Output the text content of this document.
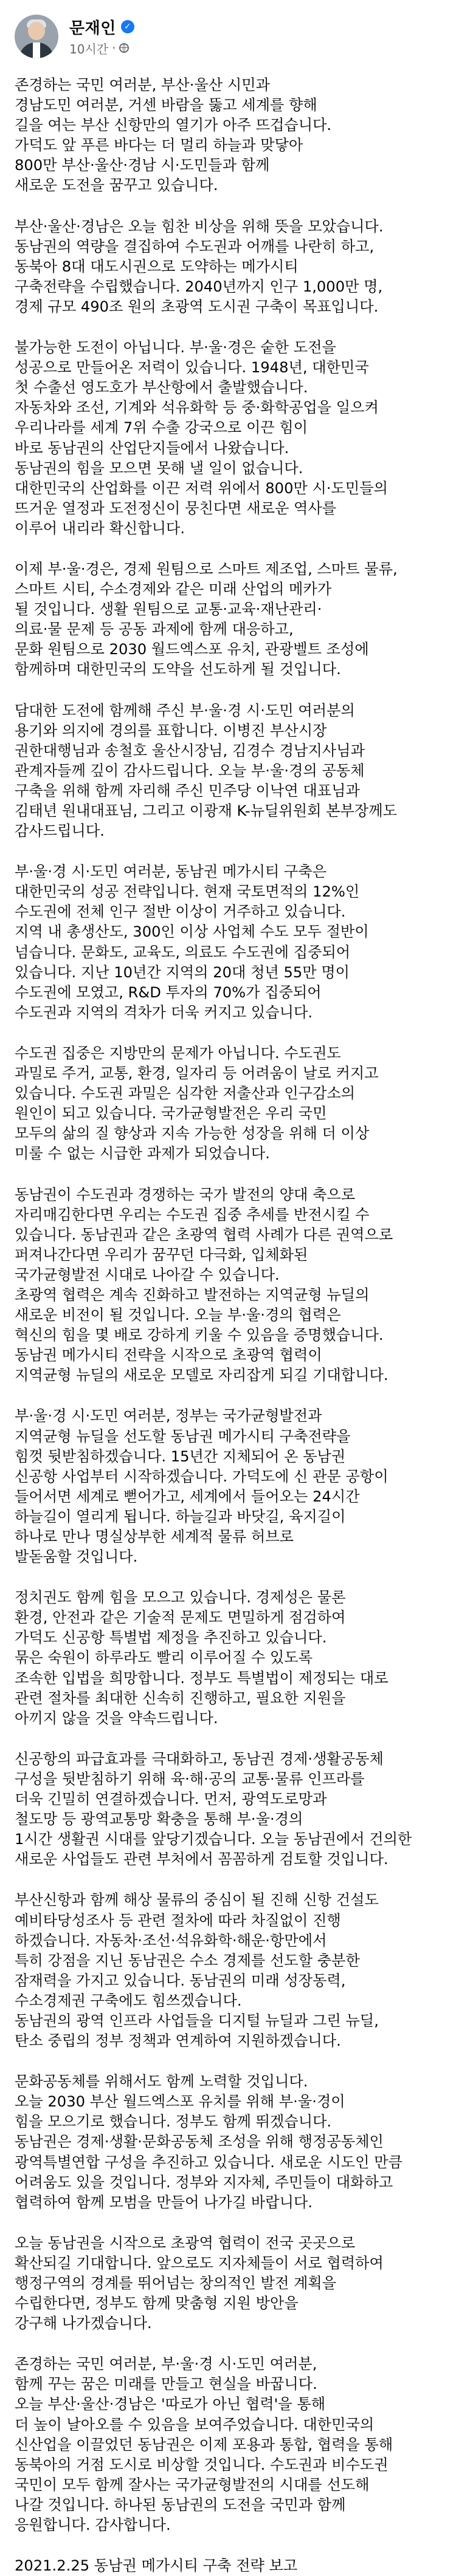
문재인 ✓
10시간 ·
존경하는 국민 여러분, 부산·울산 시민과
경남도민 여러분, 거센 바람을 뚫고 세계를 향해
길을 여는 부산 신항만의 열기가 아주 뜨겁습니다.
가덕도 앞 푸른 바다는 더 멀리 하늘과 맞닿아
800만 부산·울산·경남 시·도민들과 함께
새로운 도전을 꿈꾸고 있습니다.
부산·울산·경남은 오늘 힘찬 비상을 위해 뜻을 모았습니다.
동남권의 역량을 결집하여 수도권과 어깨를 나란히 하고,
동북아 8대 대도시권으로 도약하는 메가시티
구축전략을 수립했습니다. 2040년까지 인구 1,000만 명,
경제 규모 490조 원의 초광역 도시권 구축이 목표입니다.
불가능한 도전이 아닙니다. 부·울·경은 숱한 도전을
성공으로 만들어온 저력이 있습니다. 1948년, 대한민국
첫 수출선 영도호가 부산항에서 출발했습니다.
자동차와 조선, 기계와 석유화학 등 중·화학공업을 일으켜
우리나라를 세계 7위 수출 강국으로 이끈 힘이
바로 동남권의 산업단지들에서 나왔습니다.
동남권의 힘을 모으면 못해 낼 일이 없습니다.
대한민국의 산업화를 이끈 저력 위에서 800만 시·도민들의
뜨거운 열정과 도전정신이 뭉친다면 새로운 역사를
이루어 내리라 확신합니다.
이제 부·울·경은, 경제 원팀으로 스마트 제조업, 스마트 물류,
스마트 시티, 수소경제와 같은 미래 산업의 메카가
될 것입니다. 생활 원팀으로 교통·교육·재난관리·
의료·물 문제 등 공동 과제에 함께 대응하고,
문화 원팀으로 2030 월드엑스포 유치, 관광벨트 조성에
함께하며 대한민국의 도약을 선도하게 될 것입니다.
담대한 도전에 함께해 주신 부·울·경 시·도민 여러분의
용기와 의지에 경의를 표합니다. 이병진 부산시장
권한대행님과 송철호 울산시장님, 김경수 경남지사님과
관계자들께 깊이 감사드립니다. 오늘 부·울·경의 공동체
구축을 위해 함께 자리해 주신 민주당 이낙연 대표님과
김태년 원내대표님, 그리고 이광재 K-뉴딜위원회 본부장께도
감사드립니다.
부·울·경 시·도민 여러분, 동남권 메가시티 구축은
대한민국의 성공 전략입니다. 현재 국토면적의 12%인
수도권에 전체 인구 절반 이상이 거주하고 있습니다.
지역 내 총생산도, 300인 이상 사업체 수도 모두 절반이
넘습니다. 문화도, 교육도, 의료도 수도권에 집중되어
있습니다. 지난 10년간 지역의 20대 청년 55만 명이
수도권에 모였고, R&D 투자의 70%가 집중되어
수도권과 지역의 격차가 더욱 커지고 있습니다.
수도권 집중은 지방만의 문제가 아닙니다. 수도권도
과밀로 주거, 교통, 환경, 일자리 등 어려움이 날로 커지고
있습니다. 수도권 과밀은 심각한 저출산과 인구감소의
원인이 되고 있습니다. 국가균형발전은 우리 국민
모두의 삶의 질 향상과 지속 가능한 성장을 위해 더 이상
미룰 수 없는 시급한 과제가 되었습니다.
동남권이 수도권과 경쟁하는 국가 발전의 양대 축으로
자리매김한다면 우리는 수도권 집중 추세를 반전시킬 수
있습니다. 동남권과 같은 초광역 협력 사례가 다른 권역으로
퍼져나간다면 우리가 꿈꾸던 다극화, 입체화된
국가균형발전 시대로 나아갈 수 있습니다.
초광역 협력은 계속 진화하고 발전하는 지역균형 뉴딜의
새로운 비전이 될 것입니다. 오늘 부·울·경의 협력은
혁신의 힘을 몇 배로 강하게 키울 수 있음을 증명했습니다.
동남권 메가시티 전략을 시작으로 초광역 협력이
지역균형 뉴딜의 새로운 모델로 자리잡게 되길 기대합니다.
부·울·경 시·도민 여러분, 정부는 국가균형발전과
지역균형 뉴딜을 선도할 동남권 메가시티 구축전략을
힘껏 뒷받침하겠습니다. 15년간 지체되어 온 동남권
신공항 사업부터 시작하겠습니다. 가덕도에 신 관문 공항이
들어서면 세계로 뻗어가고, 세계에서 들어오는 24시간
하늘길이 열리게 됩니다. 하늘길과 바닷길, 육지길이
하나로 만나 명실상부한 세계적 물류 허브로
발돋움할 것입니다.
정치권도 함께 힘을 모으고 있습니다. 경제성은 물론
환경, 안전과 같은 기술적 문제도 면밀하게 점검하여
가덕도 신공항 특별법 제정을 추진하고 있습니다.
묶은 숙원이 하루라도 빨리 이루어질 수 있도록
조속한 입법을 희망합니다. 정부도 특별법이 제정되는 대로
관련 절차를 최대한 신속히 진행하고, 필요한 지원을
아끼지 않을 것을 약속드립니다.
신공항의 파급효과를 극대화하고, 동남권 경제·생활공동체
구성을 뒷받침하기 위해 육·해·공의 교통·물류 인프라를
더욱 긴밀히 연결하겠습니다. 먼저, 광역도로망과
철도망 등 광역교통망 확충을 통해 부·울·경의
1시간 생활권 시대를 앞당기겠습니다. 오늘 동남권에서 건의한
새로운 사업들도 관련 부처에서 꼼꼼하게 검토할 것입니다.
부산신항과 함께 해상 물류의 중심이 될 진해 신항 건설도
예비타당성조사 등 관련 절차에 따라 차질없이 진행
하겠습니다. 자동차·조선·석유화학·해운·항만에서
특히 강점을 지닌 동남권은 수소 경제를 선도할 충분한
잠재력을 가지고 있습니다. 동남권의 미래 성장동력,
수소경제권 구축에도 힘쓰겠습니다.
동남권의 광역 인프라 사업들을 디지털 뉴딜과 그린 뉴딜,
탄소 중립의 정부 정책과 연계하여 지원하겠습니다.
문화공동체를 위해서도 함께 노력할 것입니다.
오늘 2030 부산 월드엑스포 유치를 위해 부·울·경이
힘을 모으기로 했습니다. 정부도 함께 뛰겠습니다.
동남권은 경제·생활·문화공동체 조성을 위해 행정공동체인
광역특별연합 구성을 추진하고 있습니다. 새로운 시도인 만큼
어려움도 있을 것입니다. 정부와 지자체, 주민들이 대화하고
협력하여 함께 모범을 만들어 나가길 바랍니다.
오늘 동남권을 시작으로 초광역 협력이 전국 곳곳으로
확산되길 기대합니다. 앞으로도 지자체들이 서로 협력하여
행정구역의 경계를 뛰어넘는 창의적인 발전 계획을
수립한다면, 정부도 함께 맞춤형 지원 방안을
강구해 나가겠습니다.
존경하는 국민 여러분, 부·울·경 시·도민 여러분,
함께 꾸는 꿈은 미래를 만들고 현실을 바꿉니다.
오늘 부산·울산·경남은 '따로가 아닌 협력'을 통해
더 높이 날아오를 수 있음을 보여주었습니다. 대한민국의
신산업을 이끌었던 동남권은 이제 포용과 통합, 협력을 통해
동북아의 거점 도시로 비상할 것입니다. 수도권과 비수도권
국민이 모두 함께 잘사는 국가균형발전의 시대를 선도해
나갈 것입니다. 하나된 동남권의 도전을 국민과 함께
응원합니다. 감사합니다.
2021.2.25 동남권 메가시티 구축 전략 보고
